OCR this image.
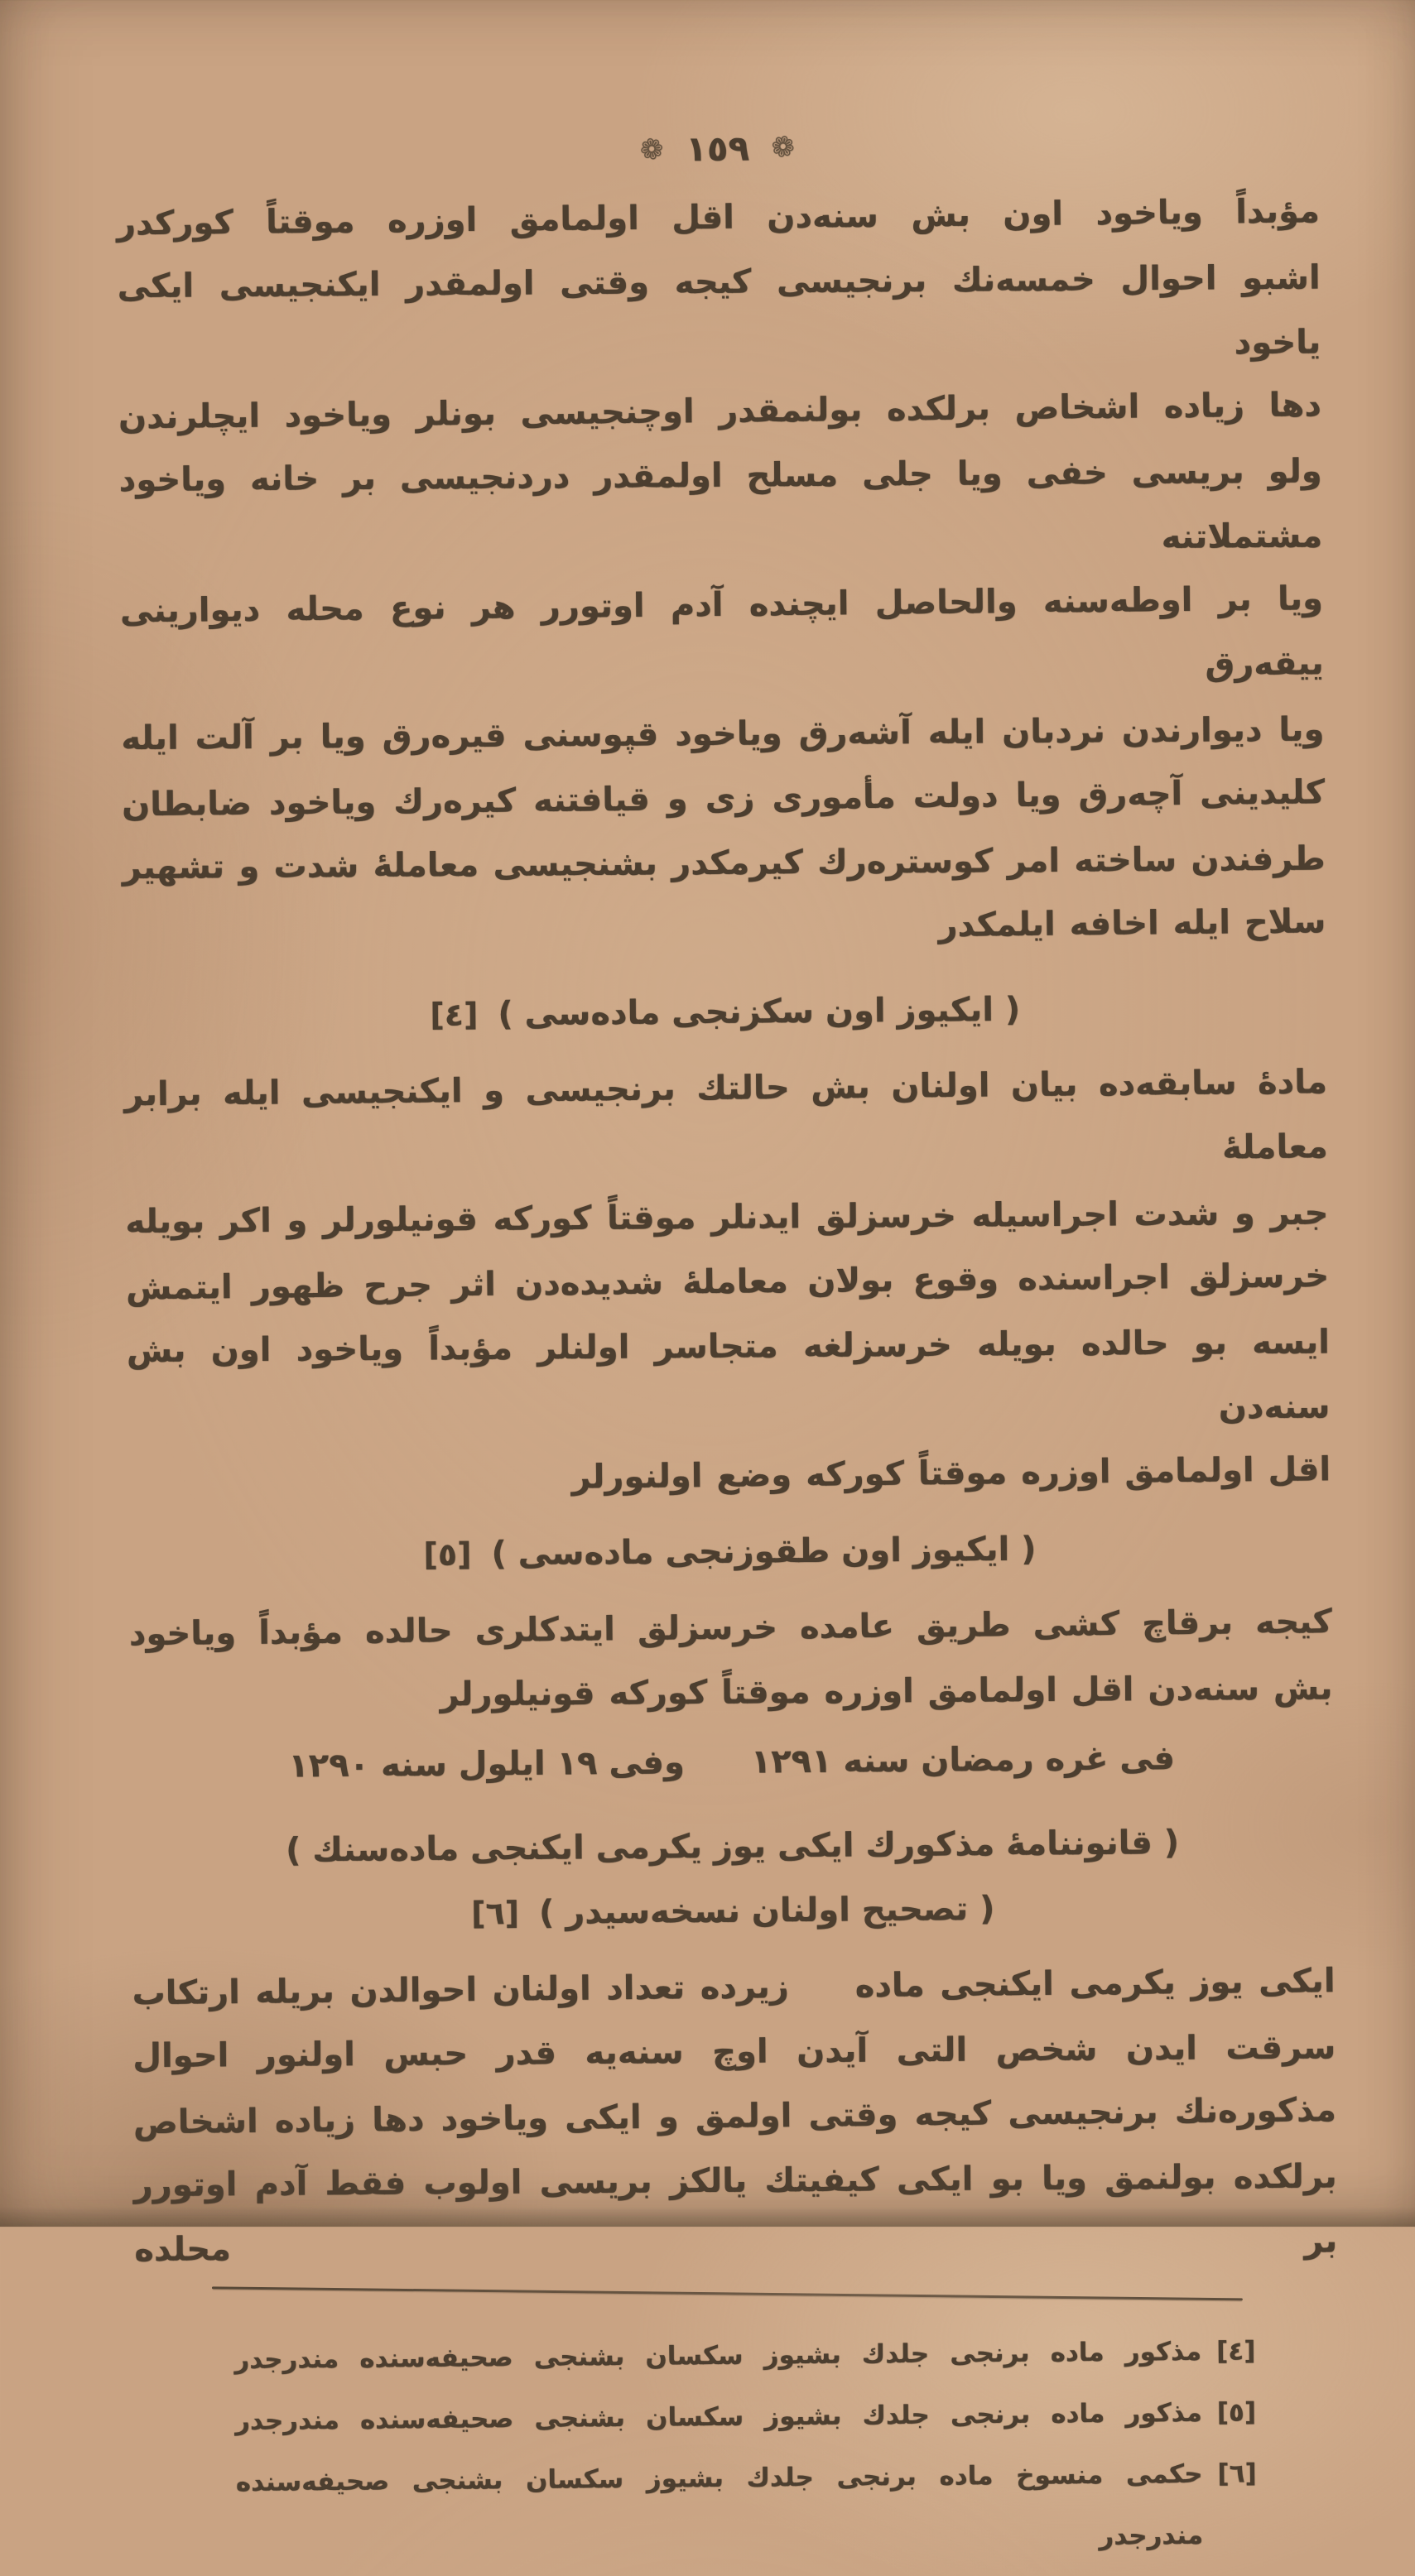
❁
١٥٩
❁
مؤبداً ویاخود اون بش سنه‌دن اقل اولمامق اوزره موقتاً كوركدر
اشبو احوال خمسه‌نك برنجیسی كیجه وقتی اولمقدر ایكنجیسی ایكی یاخود
دها زیاده اشخاص برلكده بولنمقدر اوچنجیسی بونلر ویاخود ایچلرندن
ولو بریسی خفی ویا جلی مسلح اولمقدر دردنجیسی بر خانه ویاخود مشتملاتنه
ویا بر اوطه‌سنه والحاصل ایچنده آدم اوتورر هر نوع محله دیوارینی ییقه‌رق
ویا دیوارندن نردبان ایله آشه‌رق ویاخود قپوسنی قیره‌رق ویا بر آلت ایله
كلیدینی آچه‌رق ویا دولت مأموری زی و قیافتنه كیره‌رك ویاخود ضابطان
طرفندن ساخته امر كوستره‌رك كیرمكدر بشنجیسی معاملهٔ شدت و تشهیر
سلاح ایله اخافه ایلمكدر
( ایكیوز اون سكزنجی ماده‌سی )
[٤]
مادهٔ سابقه‌ده بیان اولنان بش حالتك برنجیسی و ایكنجیسی ایله برابر معاملهٔ
جبر و شدت اجراسیله خرسزلق ایدنلر موقتاً كوركه قونیلورلر و اكر بویله
خرسزلق اجراسنده وقوع بولان معاملهٔ شدیده‌دن اثر جرح ظهور ایتمش
ایسه بو حالده بویله خرسزلغه متجاسر اولنلر مؤبداً ویاخود اون بش سنه‌دن
اقل اولمامق اوزره موقتاً كوركه وضع اولنورلر
( ایكیوز اون طقوزنجی ماده‌سی )
[٥]
كیجه برقاچ كشی طریق عامده خرسزلق ایتدكلری حالده مؤبداً ویاخود
بش سنه‌دن اقل اولمامق اوزره موقتاً كوركه قونیلورلر
فی غره رمضان سنه ١٢٩١  وفی ١٩ ایلول سنه ١٢٩٠
( قانوننامهٔ مذكورك ایكی یوز یكرمی ایكنجی ماده‌سنك )
( تصحیح اولنان نسخه‌سیدر )
[٦]
ایكی یوز یكرمی ایكنجی ماده  زیرده تعداد اولنان احوالدن بریله ارتكاب
سرقت ایدن شخص التی آیدن اوچ سنه‌یه قدر حبس اولنور احوال
مذكوره‌نك برنجیسی كیجه وقتی اولمق و ایكی ویاخود دها زیاده اشخاص
برلكده بولنمق ویا بو ایكی كیفیتك یالكز بریسی اولوب فقط آدم اوتورر بر محلده
[٤]
مذكور ماده برنجی جلدك بشیوز سكسان بشنجی صحیفه‌سنده مندرجدر
[٥]
مذكور ماده برنجی جلدك بشیوز سكسان بشنجی صحیفه‌سنده مندرجدر
[٦]
حكمی منسوخ ماده برنجی جلدك بشیوز سكسان بشنجی صحیفه‌سنده مندرجدر
